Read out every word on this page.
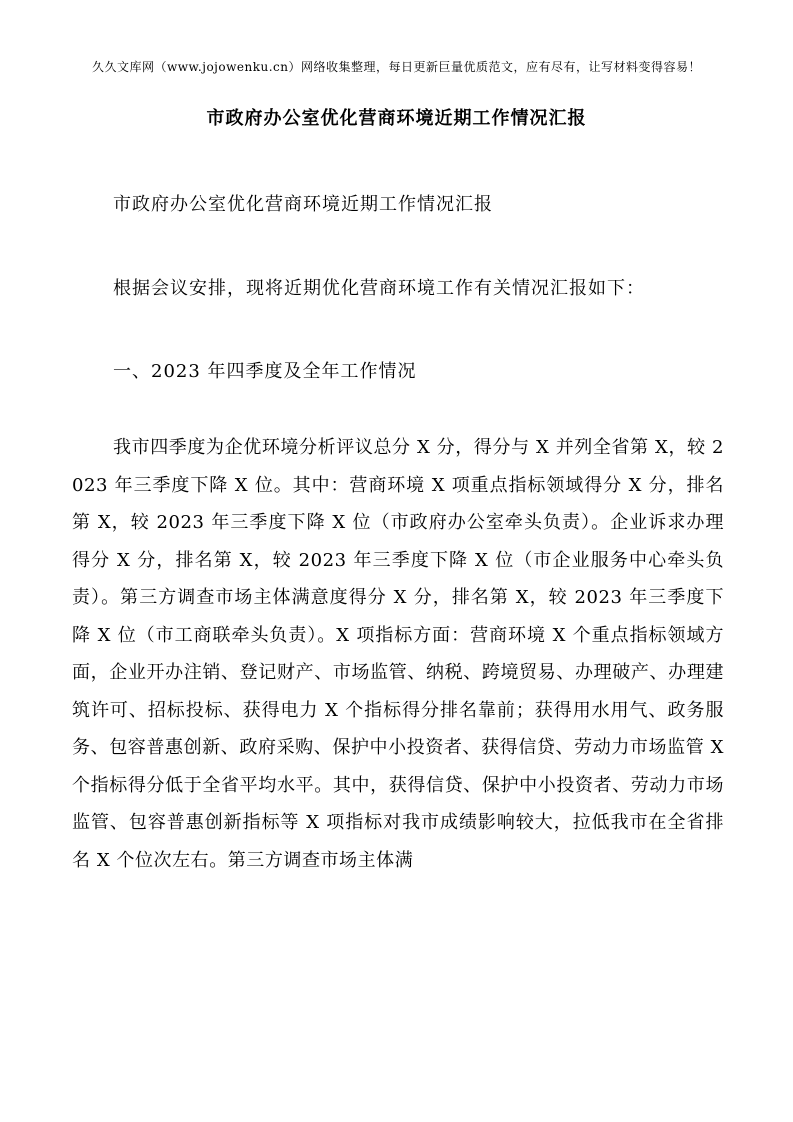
久久文库网（www.jojowenku.cn）网络收集整理，每日更新巨量优质范文，应有尽有，让写材料变得容易！
市政府办公室优化营商环境近期工作情况汇报
市政府办公室优化营商环境近期工作情况汇报
根据会议安排，现将近期优化营商环境工作有关情况汇报如下：
一、2023 年四季度及全年工作情况

我市四季度为企优环境分析评议总分 X 分，得分与 X 并列全省第 X，较 2023 年三季度下降 X 位。其中：营商环境 X 项重点指标领域得分 X 分，排名第 X，较 2023 年三季度下降 X 位（市政府办公室牵头负责）。企业诉求办理得分 X 分，排名第 X，较 2023 年三季度下降 X 位（市企业服务中心牵头负责）。第三方调查市场主体满意度得分 X 分，排名第 X，较 2023 年三季度下降 X 位（市工商联牵头负责）。X 项指标方面：营商环境 X 个重点指标领域方面，企业开办注销、登记财产、市场监管、纳税、跨境贸易、办理破产、办理建筑许可、招标投标、获得电力 X 个指标得分排名靠前；获得用水用气、政务服务、包容普惠创新、政府采购、保护中小投资者、获得信贷、劳动力市场监管 X 个指标得分低于全省平均水平。其中，获得信贷、保护中小投资者、劳动力市场监管、包容普惠创新指标等 X 项指标对我市成绩影响较大，拉低我市在全省排名 X 个位次左右。第三方调查市场主体满
